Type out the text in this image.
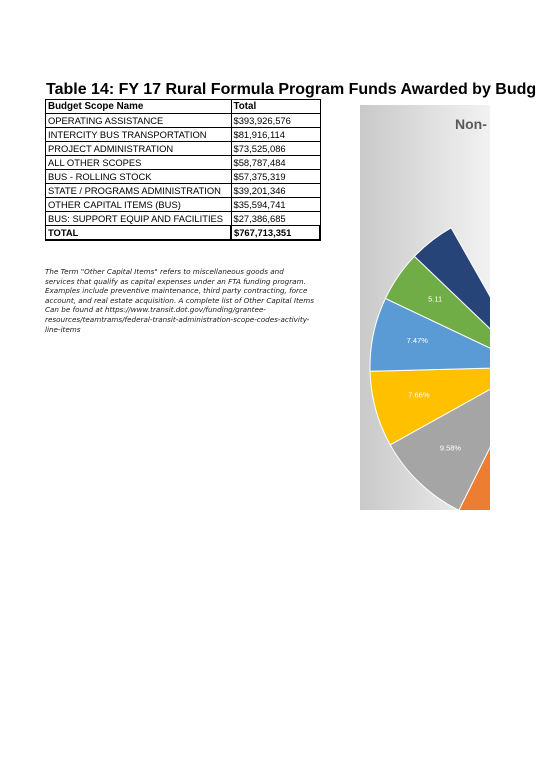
Table 14: FY 17 Rural Formula Program Funds Awarded by Budg
Budget Scope Name	Total
OPERATING ASSISTANCE	$393,926,576
INTERCITY BUS TRANSPORTATION	$81,916,114
PROJECT ADMINISTRATION	$73,525,086
ALL OTHER SCOPES	$58,787,484
BUS - ROLLING STOCK	$57,375,319
STATE / PROGRAMS ADMINISTRATION	$39,201,346
OTHER CAPITAL ITEMS (BUS)	$35,594,741
BUS: SUPPORT EQUIP AND FACILITIES	$27,386,685
TOTAL	$767,713,351
The Term "Other Capital Items" refers to miscellaneous goods and
services that qualify as capital expenses under an FTA funding program.
Examples include preventive maintenance, third party contracting, force
account, and real estate acquisition. A complete list of Other Capital Items
Can be found at https://www.transit.dot.gov/funding/grantee-
resources/teamtrams/federal-transit-administration-scope-codes-activity-
line-items
Non-
9.58%
7.66%
7.47%
5.11
